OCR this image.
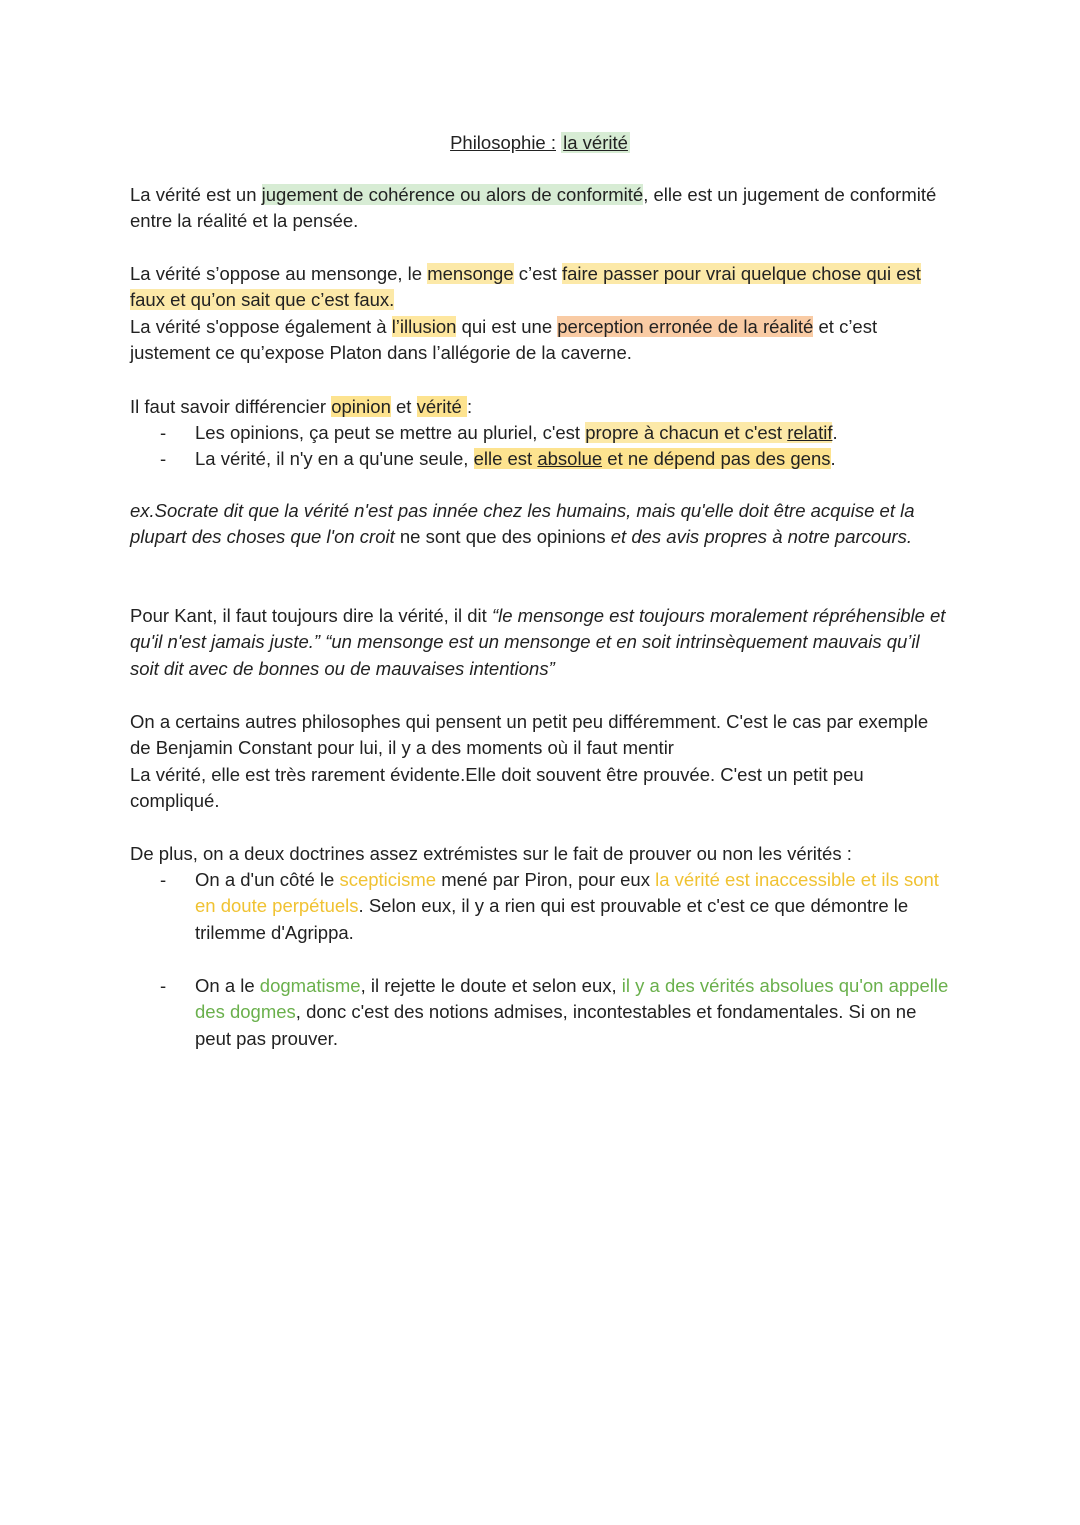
Philosophie : la vérité
La vérité est un jugement de cohérence ou alors de conformité, elle est un jugement de conformité entre la réalité et la pensée.
La vérité s’oppose au mensonge, le mensonge c’est faire passer pour vrai quelque chose qui est faux et qu’on sait que c’est faux.
La vérité s'oppose également à l’illusion qui est une perception erronée de la réalité et c’est justement ce qu’expose Platon dans l’allégorie de la caverne.
Il faut savoir différencier opinion et vérité :
- Les opinions, ça peut se mettre au pluriel, c'est propre à chacun et c'est relatif.
- La vérité, il n'y en a qu'une seule, elle est absolue et ne dépend pas des gens.
ex.Socrate dit que la vérité n'est pas innée chez les humains, mais qu'elle doit être acquise et la plupart des choses que l'on croit ne sont que des opinions et des avis propres à notre parcours.
Pour Kant, il faut toujours dire la vérité, il dit “le mensonge est toujours moralement répréhensible et qu'il n'est jamais juste.” “un mensonge est un mensonge et en soit intrinsèquement mauvais qu’il soit dit avec de bonnes ou de mauvaises intentions”
On a certains autres philosophes qui pensent un petit peu différemment. C'est le cas par exemple de Benjamin Constant pour lui, il y a des moments où il faut mentir
La vérité, elle est très rarement évidente.Elle doit souvent être prouvée. C'est un petit peu compliqué.
De plus, on a deux doctrines assez extrémistes sur le fait de prouver ou non les vérités :
- On a d'un côté le scepticisme mené par Piron, pour eux la vérité est inaccessible et ils sont en doute perpétuels. Selon eux, il y a rien qui est prouvable et c'est ce que démontre le trilemme d'Agrippa.
- On a le dogmatisme, il rejette le doute et selon eux, il y a des vérités absolues qu'on appelle des dogmes, donc c'est des notions admises, incontestables et fondamentales. Si on ne peut pas prouver.
